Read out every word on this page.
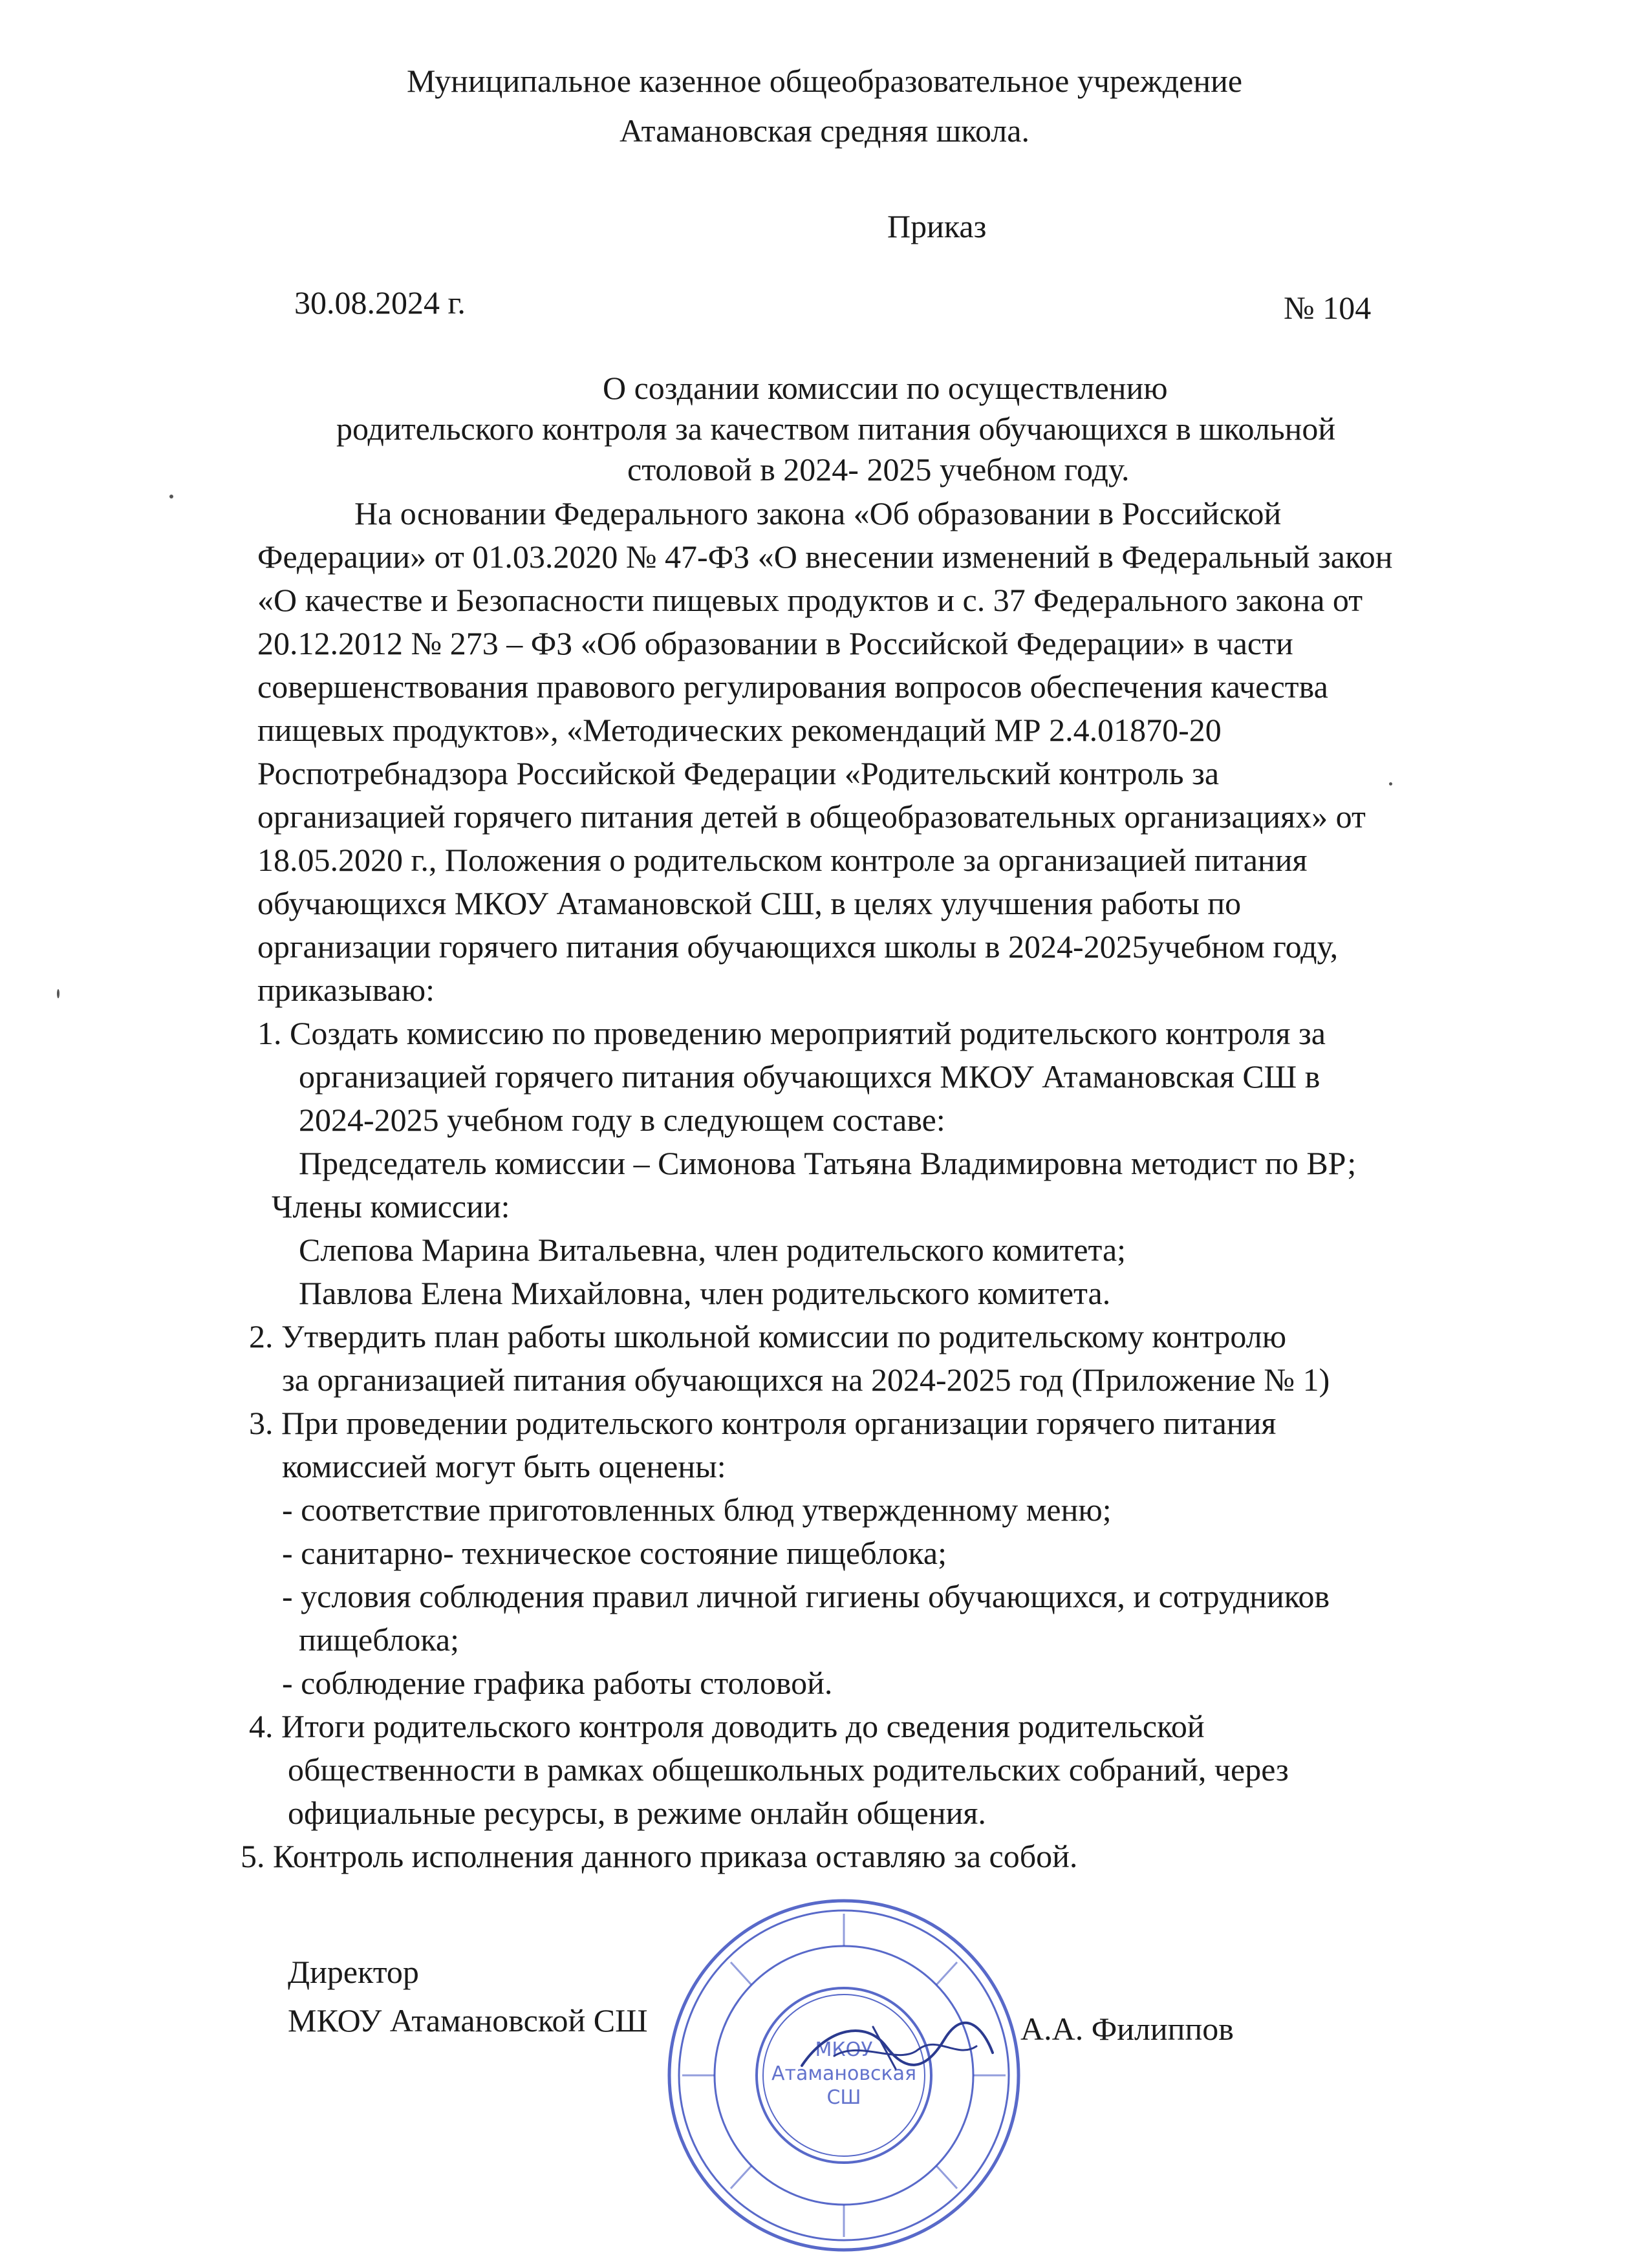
Муниципальное казенное общеобразовательное учреждение
Атамановская средняя школа.
Приказ
30.08.2024 г.	№ 104
О создании комиссии по осуществлению
родительского контроля за качеством питания обучающихся в школьной
столовой в 2024- 2025 учебном году.
На основании Федерального закона «Об образовании в Российской
Федерации» от 01.03.2020 № 47-ФЗ «О внесении изменений в Федеральный закон
«О качестве и Безопасности пищевых продуктов и с. 37 Федерального закона от
20.12.2012 № 273 – ФЗ «Об образовании в Российской Федерации» в части
совершенствования правового регулирования вопросов обеспечения качества
пищевых продуктов», «Методических рекомендаций МР 2.4.01870-20
Роспотребнадзора Российской Федерации «Родительский контроль за
организацией горячего питания детей в общеобразовательных организациях» от
18.05.2020 г., Положения о родительском контроле за организацией питания
обучающихся МКОУ Атамановской СШ, в целях улучшения работы по
организации горячего питания обучающихся школы в 2024-2025учебном году,
приказываю:
1. Создать комиссию по проведению мероприятий родительского контроля за
организацией горячего питания обучающихся МКОУ Атамановская СШ в
2024-2025 учебном году в следующем составе:
Председатель комиссии – Симонова Татьяна Владимировна методист по ВР;
Члены комиссии:
Слепова Марина Витальевна, член родительского комитета;
Павлова Елена Михайловна, член родительского комитета.
2. Утвердить план работы школьной комиссии по родительскому контролю
за организацией питания обучающихся на 2024-2025 год (Приложение № 1)
3. При проведении родительского контроля организации горячего питания
комиссией могут быть оценены:
- соответствие приготовленных блюд утвержденному меню;
- санитарно- техническое состояние пищеблока;
- условия соблюдения правил личной гигиены обучающихся, и сотрудников
пищеблока;
- соблюдение графика работы столовой.
4. Итоги родительского контроля доводить до сведения родительской
общественности в рамках общешкольных родительских собраний, через
официальные ресурсы, в режиме онлайн общения.
5. Контроль исполнения данного приказа оставляю за собой.
Директор
МКОУ Атамановской СШ	А.А. Филиппов
МКОУ
Атамановская
СШ
